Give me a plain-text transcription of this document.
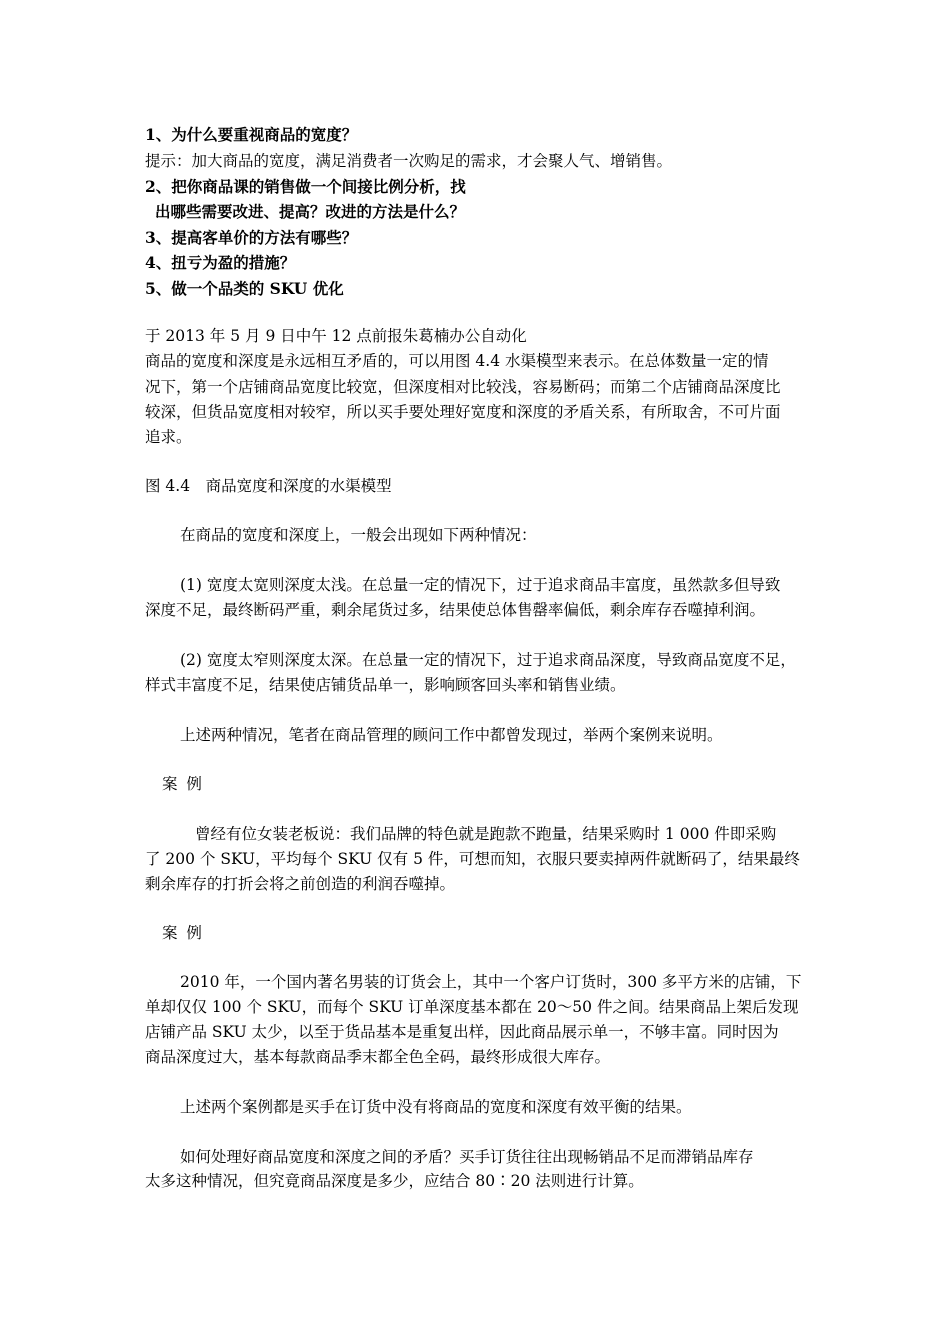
1、为什么要重视商品的宽度？
提示：加大商品的宽度，满足消费者一次购足的需求，才会聚人气、增销售。
2、把你商品课的销售做一个间接比例分析，找
出哪些需要改进、提高？改进的方法是什么？
3、提高客单价的方法有哪些？
4、扭亏为盈的措施？
5、做一个品类的 SKU 优化
于 2013 年 5 月 9 日中午 12 点前报朱葛楠办公自动化
商品的宽度和深度是永远相互矛盾的，可以用图 4.4 水渠模型来表示。在总体数量一定的情
况下，第一个店铺商品宽度比较宽，但深度相对比较浅，容易断码；而第二个店铺商品深度比
较深，但货品宽度相对较窄，所以买手要处理好宽度和深度的矛盾关系，有所取舍，不可片面
追求。
图 4.4　商品宽度和深度的水渠模型
在商品的宽度和深度上，一般会出现如下两种情况：
(1) 宽度太宽则深度太浅。在总量一定的情况下，过于追求商品丰富度，虽然款多但导致
深度不足，最终断码严重，剩余尾货过多，结果使总体售罄率偏低，剩余库存吞噬掉利润。
(2) 宽度太窄则深度太深。在总量一定的情况下，过于追求商品深度，导致商品宽度不足，
样式丰富度不足，结果使店铺货品单一，影响顾客回头率和销售业绩。
上述两种情况，笔者在商品管理的顾问工作中都曾发现过，举两个案例来说明。
案 例
曾经有位女装老板说：我们品牌的特色就是跑款不跑量，结果采购时 1 000 件即采购
了 200 个 SKU，平均每个 SKU 仅有 5 件，可想而知，衣服只要卖掉两件就断码了，结果最终
剩余库存的打折会将之前创造的利润吞噬掉。
案 例
2010 年，一个国内著名男装的订货会上，其中一个客户订货时，300 多平方米的店铺，下
单却仅仅 100 个 SKU，而每个 SKU 订单深度基本都在 20～50 件之间。结果商品上架后发现
店铺产品 SKU 太少，以至于货品基本是重复出样，因此商品展示单一，不够丰富。同时因为
商品深度过大，基本每款商品季末都全色全码，最终形成很大库存。
上述两个案例都是买手在订货中没有将商品的宽度和深度有效平衡的结果。
如何处理好商品宽度和深度之间的矛盾？买手订货往往出现畅销品不足而滞销品库存
太多这种情况，但究竟商品深度是多少，应结合 80∶20 法则进行计算。
